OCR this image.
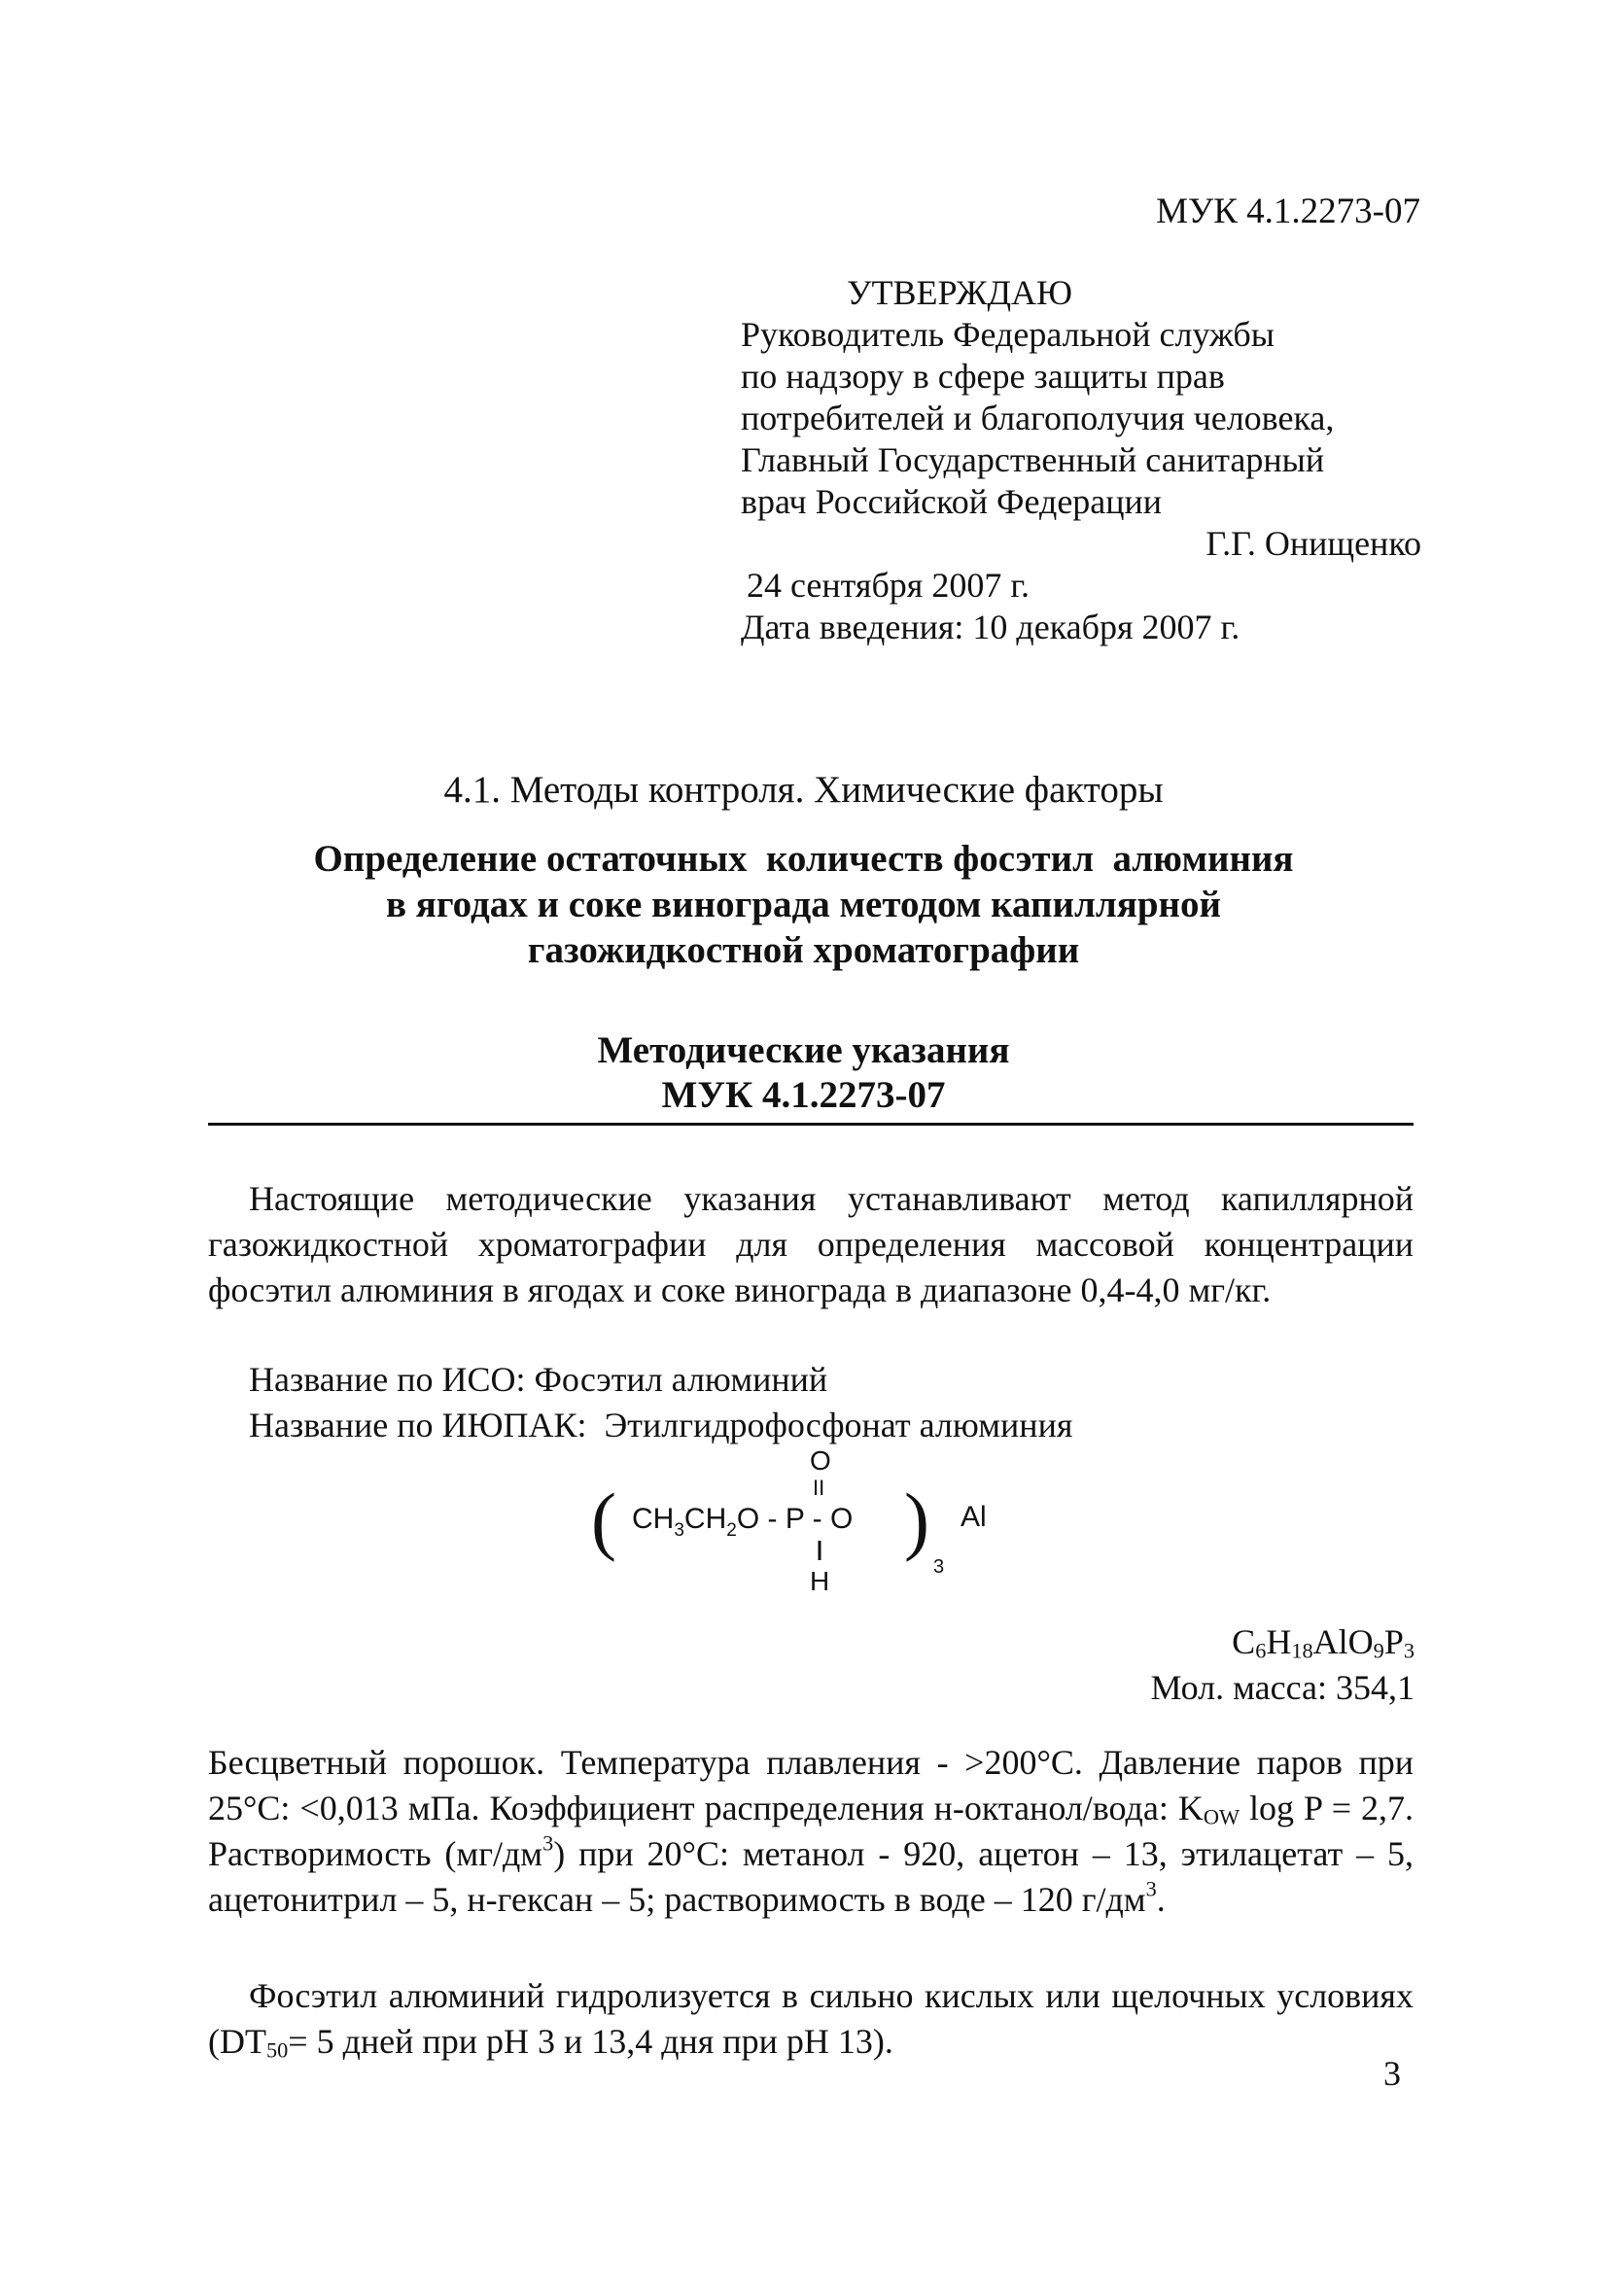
МУК 4.1.2273-07
УТВЕРЖДАЮ
Руководитель Федеральной службы
по надзору в сфере защиты прав
потребителей и благополучия человека,
Главный Государственный санитарный
врач Российской Федерации
Г.Г. Онищенко
24 сентября 2007 г.
Дата введения: 10 декабря 2007 г.
4.1. Методы контроля. Химические факторы
Определение остаточных  количеств фосэтил  алюминия
в ягодах и соке винограда методом капиллярной
газожидкостной хроматографии
Методические указания
МУК 4.1.2273-07
Настоящие методические указания устанавливают метод капиллярной газожидкостной хроматографии для определения массовой концентрации фосэтил алюминия в ягодах и соке винограда в диапазоне 0,4-4,0 мг/кг.
Название по ИСО: Фосэтил алюминий
Название по ИЮПАК:  Этилгидрофосфонат алюминия
(
O
II
$CH_3CH_2O$ - P - O
H
)
3
Al
$C_6H_{18}AlO_9P_3$
Мол. масса: 354,1
Бесцветный порошок. Температура плавления - >200°C. Давление паров при 25°C: <0,013 мПа. Коэффициент распределения н-октанол/вода: $K_{OW}$ log P = 2,7. Растворимость $(мг/дм^3)$ при 20°C: метанол - 920, ацетон – 13, этилацетат – 5, ацетонитрил – 5, н-гексан – 5; растворимость в воде – 120 $г/дм^3$.
Фосэтил алюминий гидролизуется в сильно кислых или щелочных условиях ($DT_{50}= 5$ дней при pH 3 и 13,4 дня при pH 13).
3
